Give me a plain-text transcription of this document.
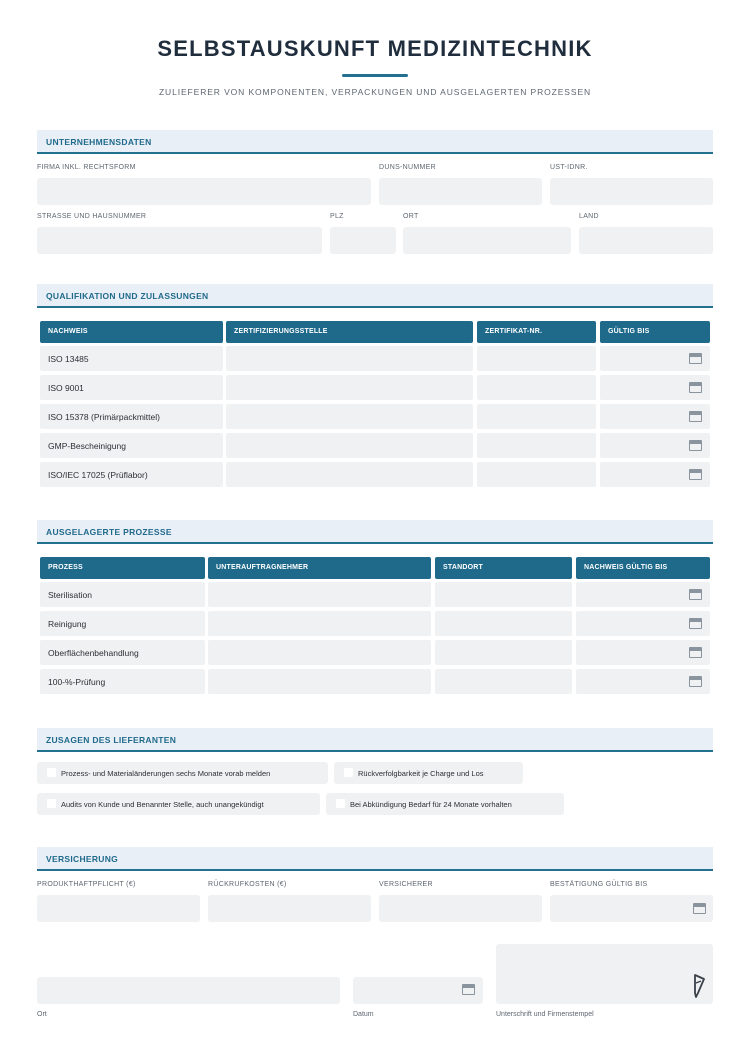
SELBSTAUSKUNFT MEDIZINTECHNIK
ZULIEFERER VON KOMPONENTEN, VERPACKUNGEN UND AUSGELAGERTEN PROZESSEN
UNTERNEHMENSDATEN
FIRMA INKL. RECHTSFORM	DUNS-NUMMER	UST-IDNR.
STRASSE UND HAUSNUMMER	PLZ	ORT	LAND
QUALIFIKATION UND ZULASSUNGEN
NACHWEIS	ZERTIFIZIERUNGSSTELLE	ZERTIFIKAT-NR.	GÜLTIG BIS
ISO 13485
ISO 9001
ISO 15378 (Primärpackmittel)
GMP-Bescheinigung
ISO/IEC 17025 (Prüflabor)
AUSGELAGERTE PROZESSE
PROZESS	UNTERAUFTRAGNEHMER	STANDORT	NACHWEIS GÜLTIG BIS
Sterilisation
Reinigung
Oberflächenbehandlung
100-%-Prüfung
ZUSAGEN DES LIEFERANTEN
Prozess- und Materialänderungen sechs Monate vorab melden	Rückverfolgbarkeit je Charge und Los
Audits von Kunde und Benannter Stelle, auch unangekündigt	Bei Abkündigung Bedarf für 24 Monate vorhalten
VERSICHERUNG
PRODUKTHAFTPFLICHT (€)	RÜCKRUFKOSTEN (€)	VERSICHERER	BESTÄTIGUNG GÜLTIG BIS
Ort	Datum	Unterschrift und Firmenstempel
